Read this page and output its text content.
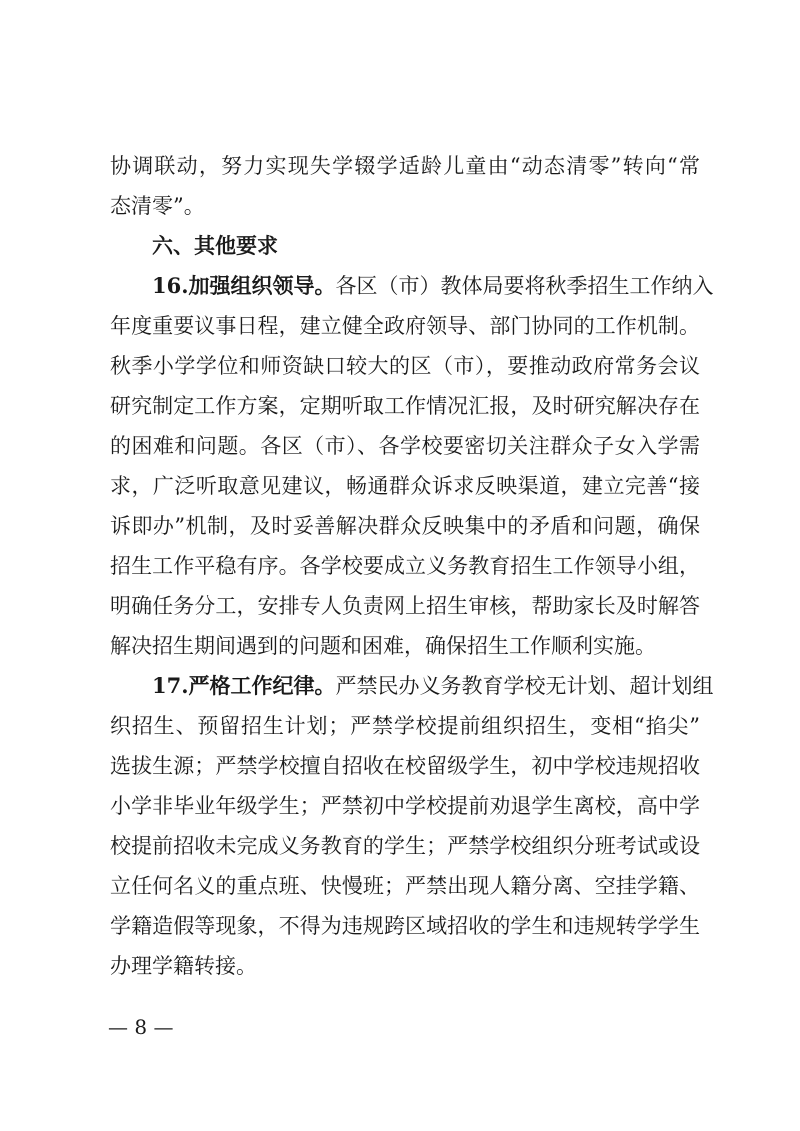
协调联动，努力实现失学辍学适龄儿童由“动态清零”转向“常
态清零”。
六、其他要求
16.加强组织领导。各区（市）教体局要将秋季招生工作纳入
年度重要议事日程，建立健全政府领导、部门协同的工作机制。
秋季小学学位和师资缺口较大的区（市），要推动政府常务会议
研究制定工作方案，定期听取工作情况汇报，及时研究解决存在
的困难和问题。各区（市）、各学校要密切关注群众子女入学需
求，广泛听取意见建议，畅通群众诉求反映渠道，建立完善“接
诉即办”机制，及时妥善解决群众反映集中的矛盾和问题，确保
招生工作平稳有序。各学校要成立义务教育招生工作领导小组，
明确任务分工，安排专人负责网上招生审核，帮助家长及时解答
解决招生期间遇到的问题和困难，确保招生工作顺利实施。
17.严格工作纪律。严禁民办义务教育学校无计划、超计划组
织招生、预留招生计划；严禁学校提前组织招生，变相“掐尖”
选拔生源；严禁学校擅自招收在校留级学生，初中学校违规招收
小学非毕业年级学生；严禁初中学校提前劝退学生离校，高中学
校提前招收未完成义务教育的学生；严禁学校组织分班考试或设
立任何名义的重点班、快慢班；严禁出现人籍分离、空挂学籍、
学籍造假等现象，不得为违规跨区域招收的学生和违规转学学生
办理学籍转接。
— 8 —
